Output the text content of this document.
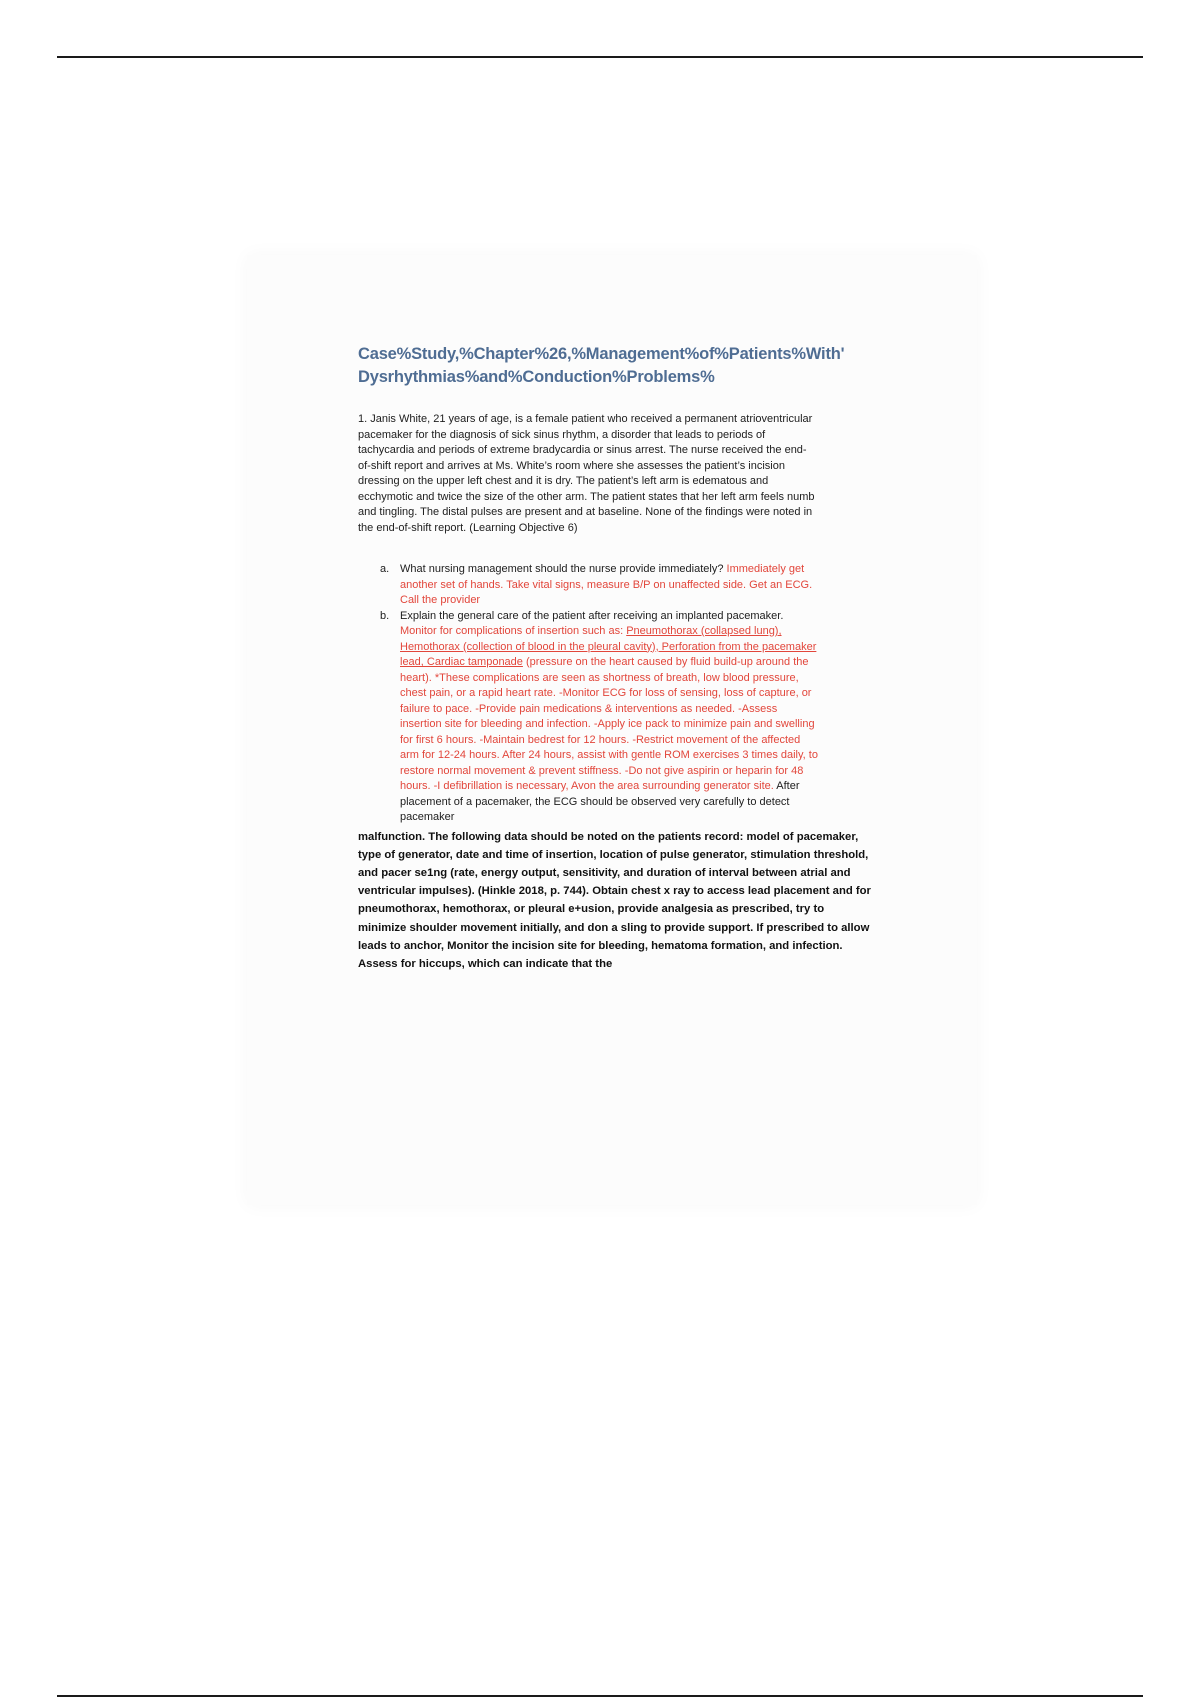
Case%Study,%Chapter%26,%Management%of%Patients%With'
Dysrhythmias%and%Conduction%Problems%

1. Janis White, 21 years of age, is a female patient who received a permanent atrioventricular pacemaker for the diagnosis of sick sinus rhythm, a disorder that leads to periods of tachycardia and periods of extreme bradycardia or sinus arrest. The nurse received the end-of-shift report and arrives at Ms. White’s room where she assesses the patient’s incision dressing on the upper left chest and it is dry. The patient’s left arm is edematous and ecchymotic and twice the size of the other arm. The patient states that her left arm feels numb and tingling. The distal pulses are present and at baseline. None of the findings were noted in the end-of-shift report. (Learning Objective 6)

a. What nursing management should the nurse provide immediately? Immediately get another set of hands. Take vital signs, measure B/P on unaffected side. Get an ECG. Call the provider
b. Explain the general care of the patient after receiving an implanted pacemaker. Monitor for complications of insertion such as: Pneumothorax (collapsed lung), Hemothorax (collection of blood in the pleural cavity), Perforation from the pacemaker lead, Cardiac tamponade (pressure on the heart caused by fluid build-up around the heart). *These complications are seen as shortness of breath, low blood pressure, chest pain, or a rapid heart rate. -Monitor ECG for loss of sensing, loss of capture, or failure to pace. -Provide pain medications & interventions as needed. -Assess insertion site for bleeding and infection. -Apply ice pack to minimize pain and swelling for first 6 hours. -Maintain bedrest for 12 hours. -Restrict movement of the affected arm for 12-24 hours. After 24 hours, assist with gentle ROM exercises 3 times daily, to restore normal movement & prevent stiffness. -Do not give aspirin or heparin for 48 hours. -I defibrillation is necessary, Avon the area surrounding generator site. After placement of a pacemaker, the ECG should be observed very carefully to detect pacemaker

malfunction. The following data should be noted on the patients record: model of pacemaker, type of generator, date and time of insertion, location of pulse generator, stimulation threshold, and pacer se1ng (rate, energy output, sensitivity, and duration of interval between atrial and ventricular impulses). (Hinkle 2018, p. 744). Obtain chest x ray to access lead placement and for pneumothorax, hemothorax, or pleural e+usion, provide analgesia as prescribed, try to minimize shoulder movement initially, and don a sling to provide support. If prescribed to allow leads to anchor, Monitor the incision site for bleeding, hematoma formation, and infection. Assess for hiccups, which can indicate that the
